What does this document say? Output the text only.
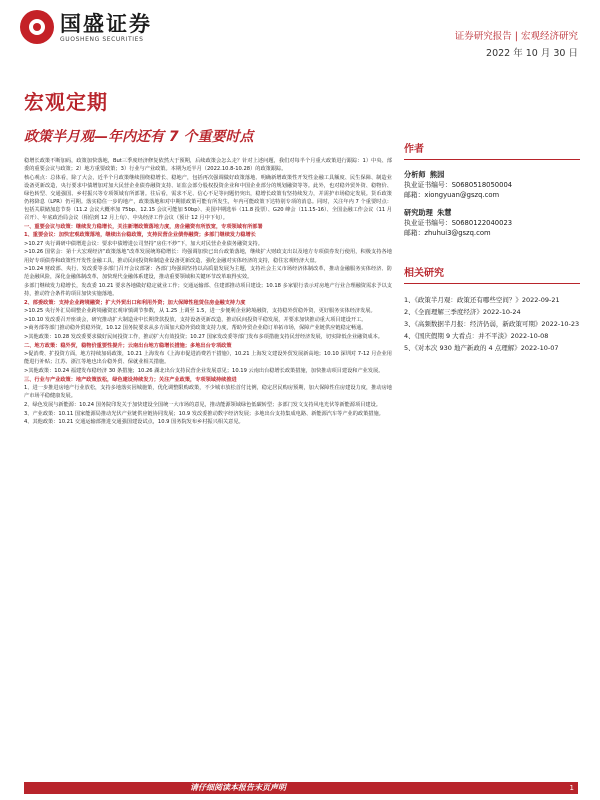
国盛证券
GUOSHENG SECURITIES	证券研究报告 | 宏观经济研究
2022 年 10 月 30 日
宏观定期
政策半月观—年内还有 7 个重要时点

稳增长政策不断加码，政策加快落地，But三季度经济修复依然大于预期，后续政策会怎么走？针对上述问题，我们对每半个月重大政策进行跟踪：1）中央、部委的重要会议与政策；2）地方重要政策；3）行业与产业政策。本期为近半月（2022.10.8-10.28）的政策跟踪。

核心观点：总体看，除了大会，近半个月政策继续围绕稳增长、稳地产，包括再次强调做好政策落地、明确新增政策性开发性金融工具额度、民生保障、制造业设备更新改造，央行要求中债增加对加大民营企业债券融资支持、证监会部分股权投资企业和中国企业部分的规划融资等等。此外，也对稳外贸外资、稳物价、绿色转型、交通强国、乡村振兴等专项领域有所部署。往后看，需求不足、信心不足等问题仍突出，稳增长政策有坚持续发力，并需护市场稳定发展。货币政策仍将降息（LPR）仍可期。落实稳住一步的地产，政策落地和对中期银政策可能有所发生，年内可能政策下达特别专项的消息。同时，关注年内 7 个重要时点：包括关联储加息节奏（11.2 会议大概率加 75bp、12.15 会议可能加 50bp）、美国中期选举（11.8 投票）、G20 峰会（11.15-16）、全国金融工作会议（11 月召开）、年底政治局会议（相信到 12 月上旬）、中央经济工作会议（预计 12 月中下旬）。

一、重要会议与政策：继续发力稳增长，关注新增政策落地力度，房企融资有所放宽，专项领域有所部署

1、重要会议：加快宏观政策落地，继续出台稳政策，支持民营企业债券融资；多部门继续发力稳增长

>10.27 央行调研中债增进会议：要求中债增进公司坚持“房住不炒”下，加大对民营企业债务融资支持。

>10.26 国常会：第十大宏观经济“政策落地”改革发展统筹稳增长：均强调加快已出台政策落地，继续扩大财政支出以及地方专项债券发行使用，积极支持各地用好专项债券和政策性开发性金融工具，推动民间投资和制造业设备更新改造，强化金融对实体经济的支持，稳住宏观经济大盘。

>10.24 财政部、央行、发改委等多部门召开会议部署：各部门均强调坚持以高质量发展为主题，支持社会主义市场经济体制改革，推动金融服务实体经济、防范金融风险，深化金融体制改革，加快现代金融体系建设，推动重要领域和关键环节改革取得实效。

多部门继续发力稳增长，发改委 10.21 要求各地做好稳定就业工作；交通运输部、住建部推动项目建设；10.18 多家银行表示对房地产行业合理融资需求予以支持，推动符合条件的项目加快实施落地。

2、部委政策：支持企业跨境融资；扩大外贸出口和利用外资；加大保障性租赁住房金融支持力度

>10.25 央行外汇局调整企业跨境融资宏观审慎调节参数，从 1.25 上调至 1.5，进一步便利企业跨境融资，支持稳外贸稳外资，更好服务实体经济发展。

>10.10 发改委召开座谈会，研究推动扩大制造业中长期贷款投放，支持设备更新改造，推动民间投资平稳发展，并要求加快推动重大项目建设开工。

>商务部等部门推动稳外贸稳外资，10.12 国务院要求从多方面加大稳外贸政策支持力度，帮助外贸企业稳订单拓市场，保障产业链供应链稳定畅通。

>其他政策：10.28 发改委要求做好民间投资工作，推动扩大有效投资；10.27 国家发改委等部门发布多项措施支持民营经济发展，切实降低企业融资成本。

二、地方政策：稳外贸，稳物价重要性提升；云南出台地方稳增长措施；多地出台专项政策

>促消费、扩投资方面，地方持续加码政策，10.21 上海发布《上海市促进消费若干措施》，10.21 上海发文建设外贸发展新高地；10.10 深圳对 7-12 月企业用能进行补贴；江苏、浙江等地也出台稳外贸、保就业相关措施。

>其他政策：10.24 福建发布稳经济 30 条措施；10.26 湖北出台支持民营企业发展意见；10.19 云南出台稳增长政策措施，加快推动项目建设和产业发展。

三、行业与产业政策：地产政策放松，绿色建设持续发力；关注产业政策，专项领域持续推进

1、进一步推进房地产行业放松，支持多地落实因城施策，优化调整限购政策，不少城市放松首付比例，稳定居民购房预期，加大保障性住房建设力度，推动房地产市场平稳健康发展。

2、绿色发展与新能源：10.24 国务院印发关于加快建设全国统一大市场的意见，推动能源领域绿色低碳转型；多部门发文支持风电光伏等新能源项目建设。

3、产业政策：10.11 国家能源局推动光伏产业链供应链协同发展；10.9 发改委推动数字经济发展；多地出台支持集成电路、新能源汽车等产业的政策措施。

4、其他政策：10.21 交通运输部推进交通强国建设试点，10.9 国务院发布乡村振兴相关意见。

作者
分析师 熊园
执业证书编号：S0680518050004
邮箱：xiongyuan@gszq.com
研究助理 朱慧
执业证书编号：S0680122040023
邮箱：zhuhui3@gszq.com
相关研究
1、《政策半月观：政策还有哪些空间？》2022-09-21
2、《全面理解三季度经济》2022-10-24
3、《高频数据半月报：经济仍弱，新政策可期》2022-10-23
4、《国庆假期 9 大看点：并不平淡》2022-10-08
5、《对本次 930 地产新政的 4 点理解》2022-10-07
请仔细阅读本报告末页声明	1
